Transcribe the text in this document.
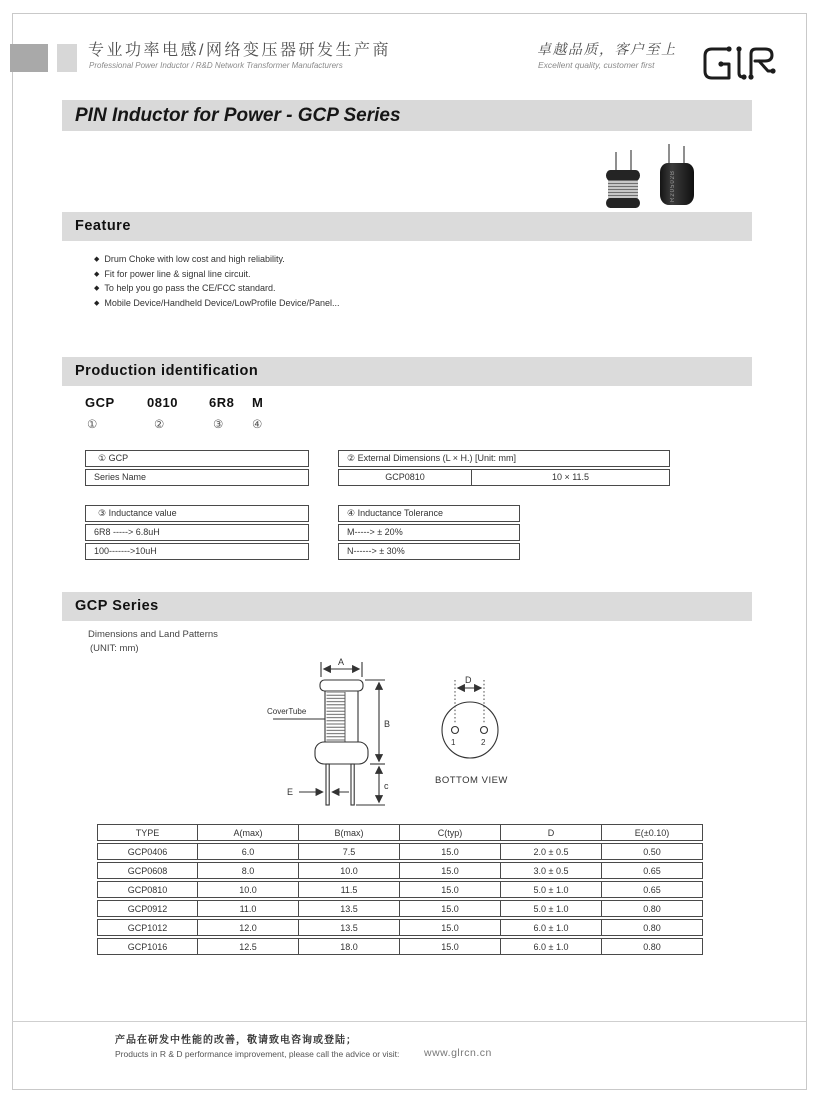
专业功率电感/网络变压器研发生产商
Professional Power Inductor / R&D Network Transformer Manufacturers
卓越品质，客户至上
Excellent quality, customer first
PIN Inductor for Power - GCP Series
R20502B
Feature
◆ Drum Choke with low cost and high reliability.
◆ Fit for power line & signal line circuit.
◆ To help you go pass the CE/FCC standard.
◆ Mobile Device/Handheld Device/LowProfile Device/Panel...
Production identification
GCP 0810 6R8 M
①	②	③ ④
① GCP
Series Name
② External Dimensions (L × H.) [Unit: mm]
GCP0810	10 × 11.5
③ Inductance value
6R8 -----> 6.8uH
100------->10uH
④ Inductance Tolerance
M-----> ± 20%
N------> ± 30%
GCP Series
Dimensions and Land Patterns
(UNIT: mm)
A
B
c
E
D
CoverTube
1	2
BOTTOM VIEW
TYPE	A(max)	B(max)	C(typ)	D	E(±0.10)
GCP0406	6.0	7.5	15.0	2.0 ± 0.5	0.50
GCP0608	8.0	10.0	15.0	3.0 ± 0.5	0.65
GCP0810	10.0	11.5	15.0	5.0 ± 1.0	0.65
GCP0912	11.0	13.5	15.0	5.0 ± 1.0	0.80
GCP1012	12.0	13.5	15.0	6.0 ± 1.0	0.80
GCP1016	12.5	18.0	15.0	6.0 ± 1.0	0.80
产品在研发中性能的改善，敬请致电咨询或登陆；
Products in R & D performance improvement, please call the advice or visit: www.glrcn.cn
